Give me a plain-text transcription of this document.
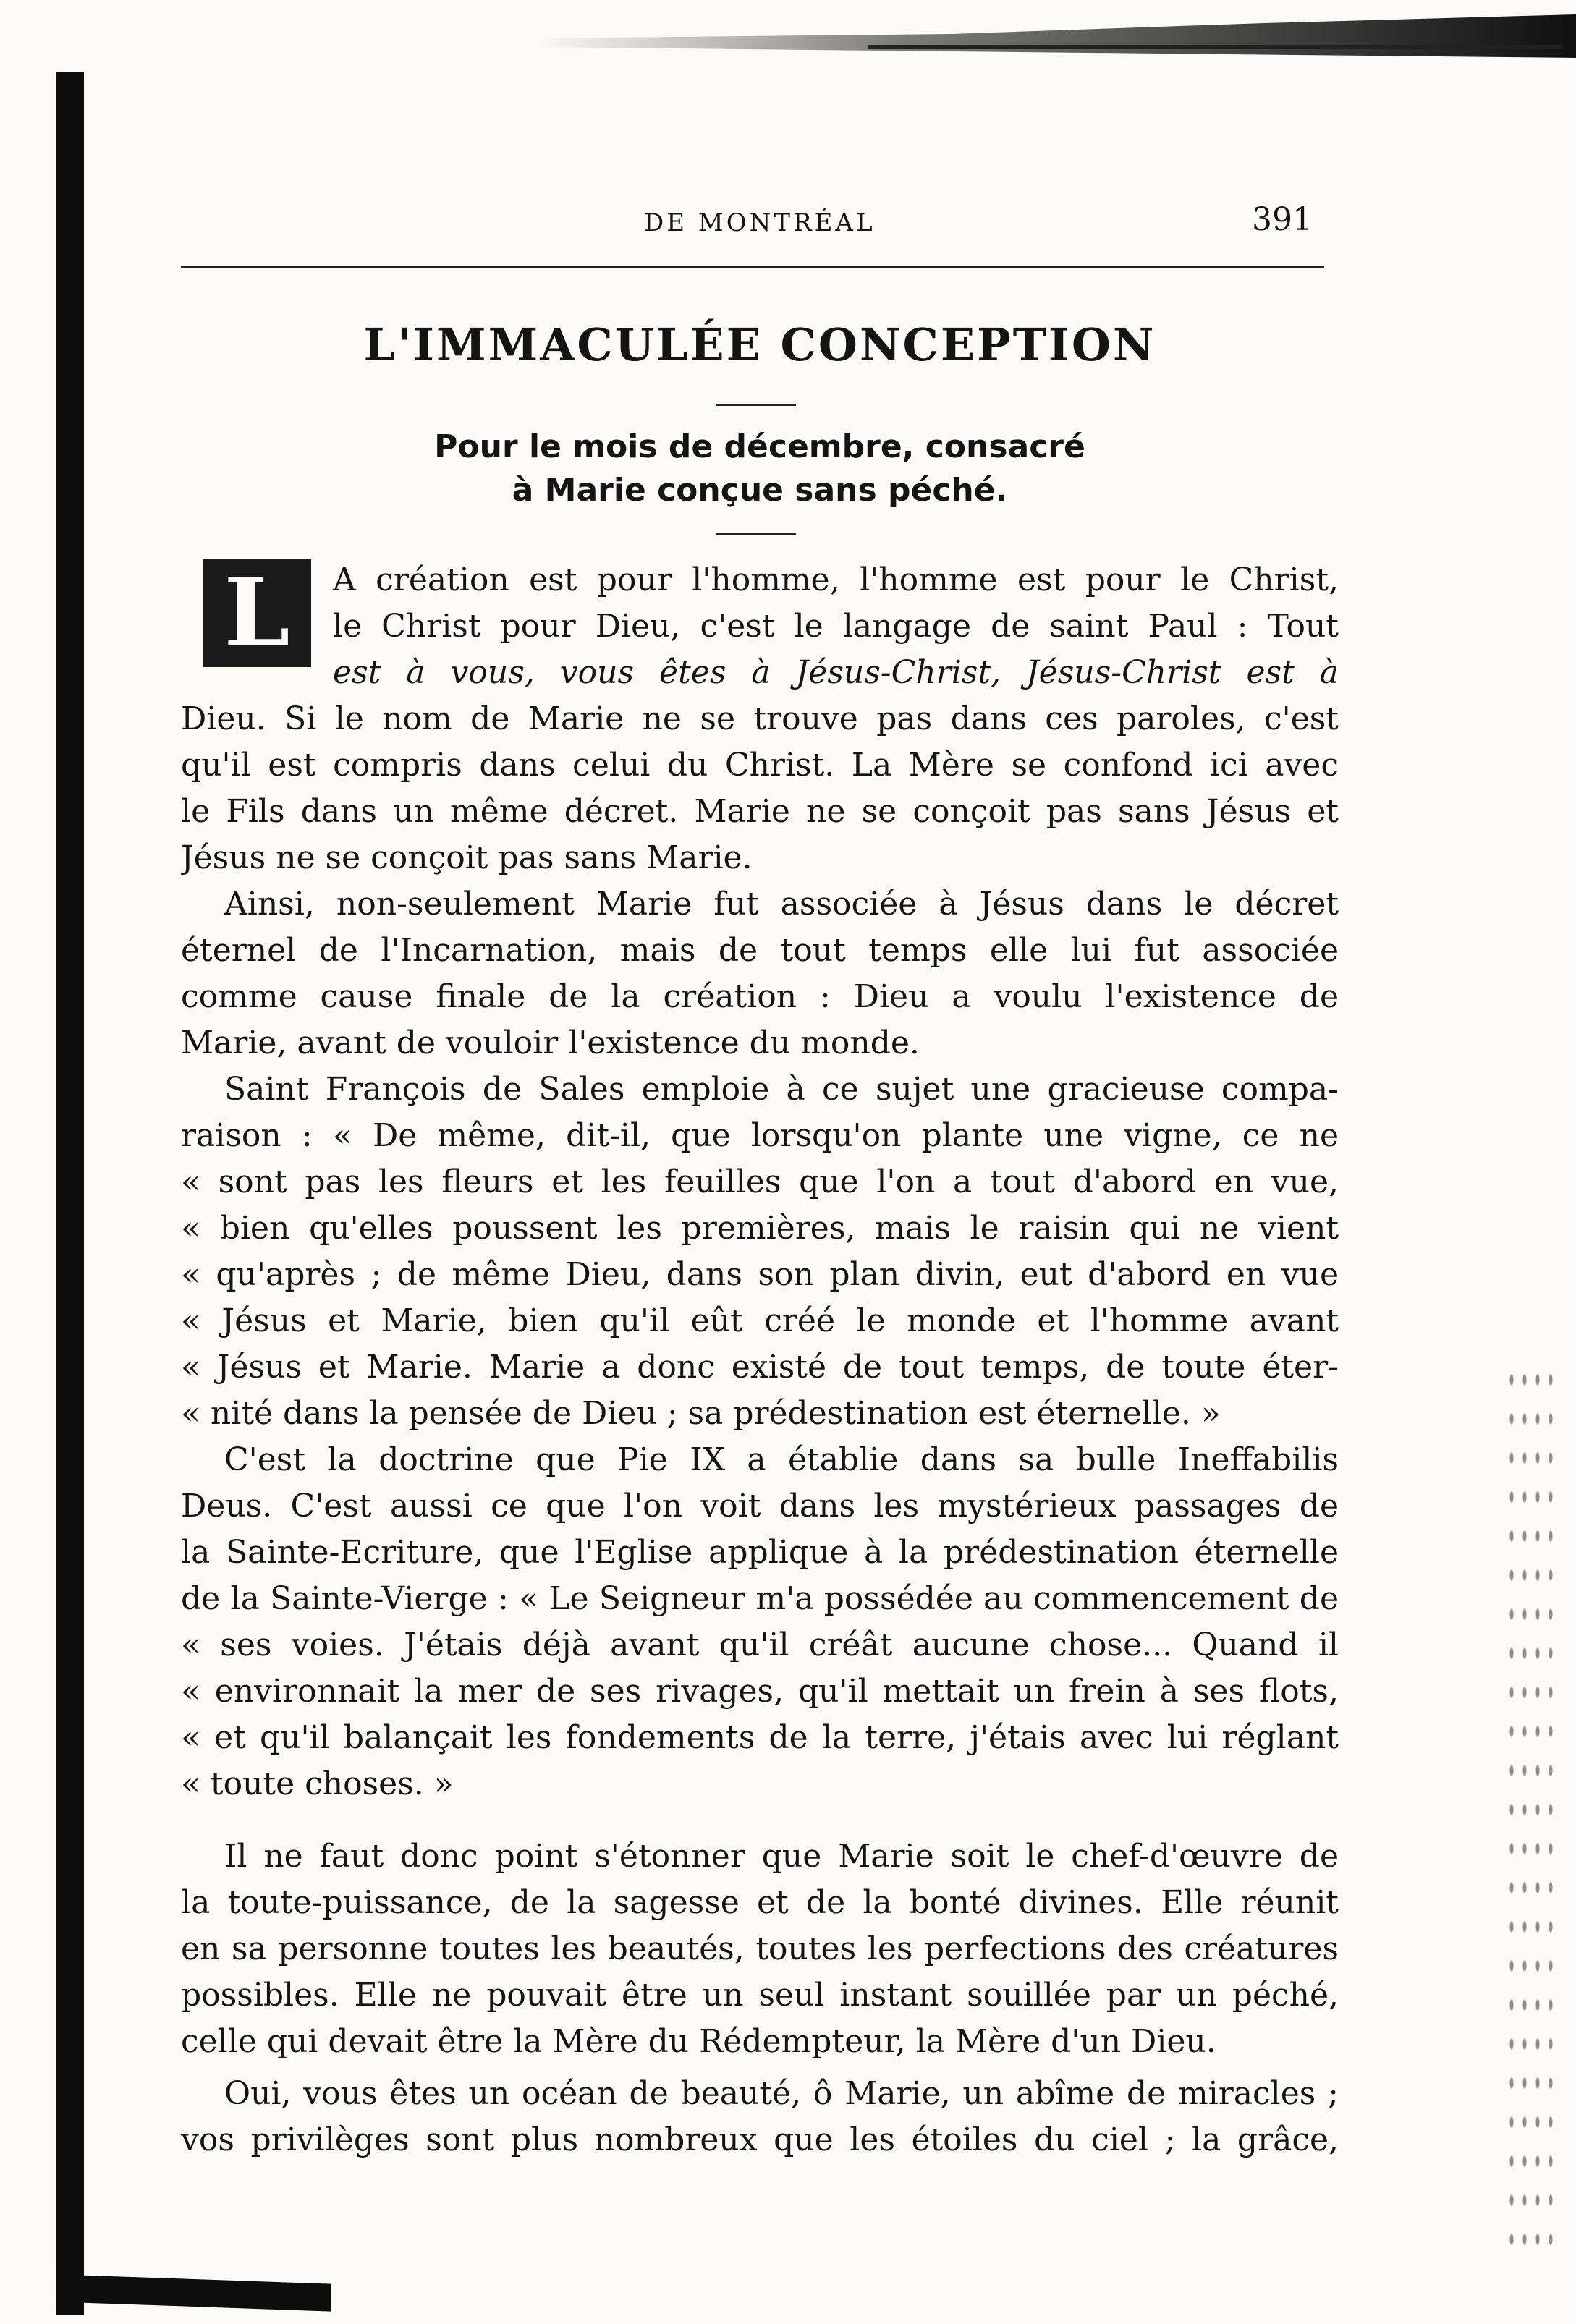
DE MONTRÉAL	391
L'IMMACULÉE CONCEPTION
Pour le mois de décembre, consacré
à Marie conçue sans péché.
L	A création est pour l'homme, l'homme est pour le Christ,
le Christ pour Dieu, c'est le langage de saint Paul : Tout
est à vous, vous êtes à Jésus-Christ, Jésus-Christ est à
Dieu. Si le nom de Marie ne se trouve pas dans ces paroles, c'est
qu'il est compris dans celui du Christ. La Mère se confond ici avec
le Fils dans un même décret. Marie ne se conçoit pas sans Jésus et
Jésus ne se conçoit pas sans Marie.
Ainsi, non-seulement Marie fut associée à Jésus dans le décret
éternel de l'Incarnation, mais de tout temps elle lui fut associée
comme cause finale de la création : Dieu a voulu l'existence de
Marie, avant de vouloir l'existence du monde.
Saint François de Sales emploie à ce sujet une gracieuse compa-
raison : « De même, dit-il, que lorsqu'on plante une vigne, ce ne
« sont pas les fleurs et les feuilles que l'on a tout d'abord en vue,
« bien qu'elles poussent les premières, mais le raisin qui ne vient
« qu'après ; de même Dieu, dans son plan divin, eut d'abord en vue
« Jésus et Marie, bien qu'il eût créé le monde et l'homme avant
« Jésus et Marie. Marie a donc existé de tout temps, de toute éter-
« nité dans la pensée de Dieu ; sa prédestination est éternelle. »
C'est la doctrine que Pie IX a établie dans sa bulle Ineffabilis
Deus. C'est aussi ce que l'on voit dans les mystérieux passages de
la Sainte-Ecriture, que l'Eglise applique à la prédestination éternelle
de la Sainte-Vierge : « Le Seigneur m'a possédée au commencement de
« ses voies. J'étais déjà avant qu'il créât aucune chose... Quand il
« environnait la mer de ses rivages, qu'il mettait un frein à ses flots,
« et qu'il balançait les fondements de la terre, j'étais avec lui réglant
« toute choses. »
Il ne faut donc point s'étonner que Marie soit le chef-d'œuvre de
la toute-puissance, de la sagesse et de la bonté divines. Elle réunit
en sa personne toutes les beautés, toutes les perfections des créatures
possibles. Elle ne pouvait être un seul instant souillée par un péché,
celle qui devait être la Mère du Rédempteur, la Mère d'un Dieu.
Oui, vous êtes un océan de beauté, ô Marie, un abîme de miracles ;
vos privilèges sont plus nombreux que les étoiles du ciel ; la grâce,
